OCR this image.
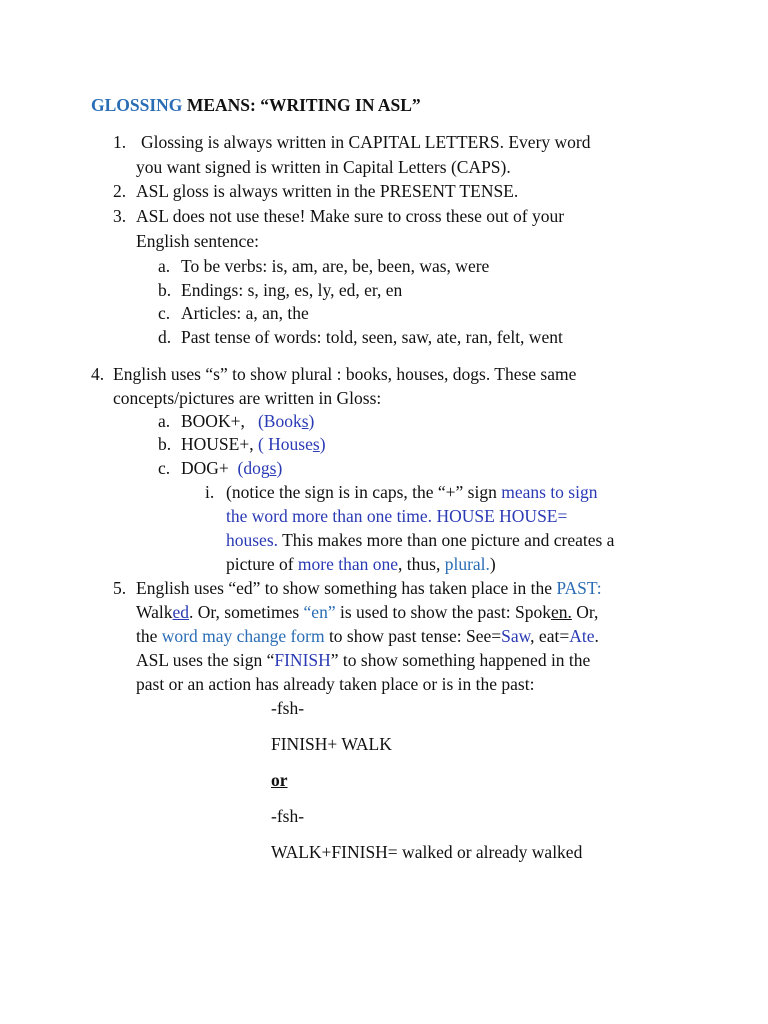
GLOSSING MEANS: “WRITING IN ASL”
1. Glossing is always written in CAPITAL LETTERS. Every word
you want signed is written in Capital Letters (CAPS).
2. ASL gloss is always written in the PRESENT TENSE.
3. ASL does not use these! Make sure to cross these out of your
English sentence:
a. To be verbs: is, am, are, be, been, was, were
b. Endings: s, ing, es, ly, ed, er, en
c. Articles: a, an, the
d. Past tense of words: told, seen, saw, ate, ran, felt, went
4. English uses “s” to show plural : books, houses, dogs. These same
concepts/pictures are written in Gloss:
a. BOOK+, (Books)
b. HOUSE+, ( Houses)
c. DOG+ (dogs)
i. (notice the sign is in caps, the “+” sign means to sign
the word more than one time. HOUSE HOUSE=
houses. This makes more than one picture and creates a
picture of more than one, thus, plural.)
5. English uses “ed” to show something has taken place in the PAST:
Walked. Or, sometimes “en” is used to show the past: Spoken. Or,
the word may change form to show past tense: See=Saw, eat=Ate.
ASL uses the sign “FINISH” to show something happened in the
past or an action has already taken place or is in the past:
-fsh-
FINISH+ WALK
or
-fsh-
WALK+FINISH= walked or already walked
